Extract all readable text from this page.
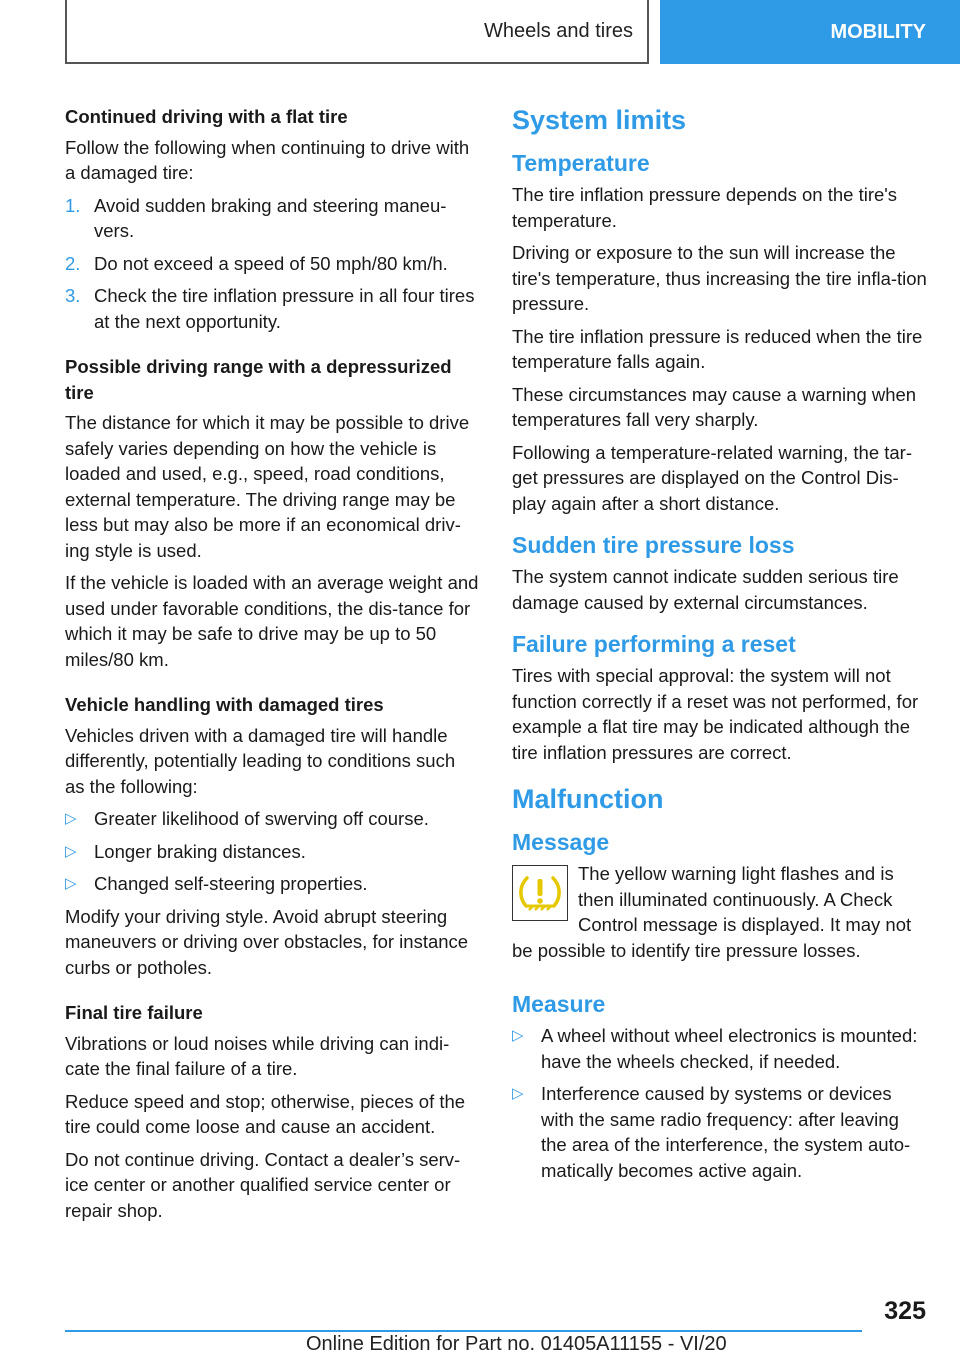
Wheels and tires	MOBILITY

Continued driving with a flat tire

Follow the following when continuing to drive with a damaged tire:

1. Avoid sudden braking and steering maneu-vers.
2. Do not exceed a speed of 50 mph/80 km/h.
3. Check the tire inflation pressure in all four tires at the next opportunity.

Possible driving range with a depressurized tire

The distance for which it may be possible to drive safely varies depending on how the vehicle is loaded and used, e.g., speed, road conditions, external temperature. The driving range may be less but may also be more if an economical driv-ing style is used.

If the vehicle is loaded with an average weight and used under favorable conditions, the dis-tance for which it may be safe to drive may be up to 50 miles/80 km.

Vehicle handling with damaged tires

Vehicles driven with a damaged tire will handle differently, potentially leading to conditions such as the following:

▷ Greater likelihood of swerving off course.
▷ Longer braking distances.
▷ Changed self-steering properties.

Modify your driving style. Avoid abrupt steering maneuvers or driving over obstacles, for instance curbs or potholes.

Final tire failure

Vibrations or loud noises while driving can indi-cate the final failure of a tire.

Reduce speed and stop; otherwise, pieces of the tire could come loose and cause an accident.

Do not continue driving. Contact a dealer’s serv-ice center or another qualified service center or repair shop.

System limits
Temperature

The tire inflation pressure depends on the tire's temperature.

Driving or exposure to the sun will increase the tire's temperature, thus increasing the tire infla-tion pressure.

The tire inflation pressure is reduced when the tire temperature falls again.

These circumstances may cause a warning when temperatures fall very sharply.

Following a temperature-related warning, the tar-get pressures are displayed on the Control Dis-play again after a short distance.

Sudden tire pressure loss

The system cannot indicate sudden serious tire damage caused by external circumstances.

Failure performing a reset

Tires with special approval: the system will not function correctly if a reset was not performed, for example a flat tire may be indicated although the tire inflation pressures are correct.

Malfunction
Message

The yellow warning light flashes and is then illuminated continuously. A Check Control message is displayed. It may not be possible to identify tire pressure losses.

Measure
▷ A wheel without wheel electronics is mounted: have the wheels checked, if needed.
▷ Interference caused by systems or devices with the same radio frequency: after leaving the area of the interference, the system auto-matically becomes active again.
325
Online Edition for Part no. 01405A11155 - VI/20
